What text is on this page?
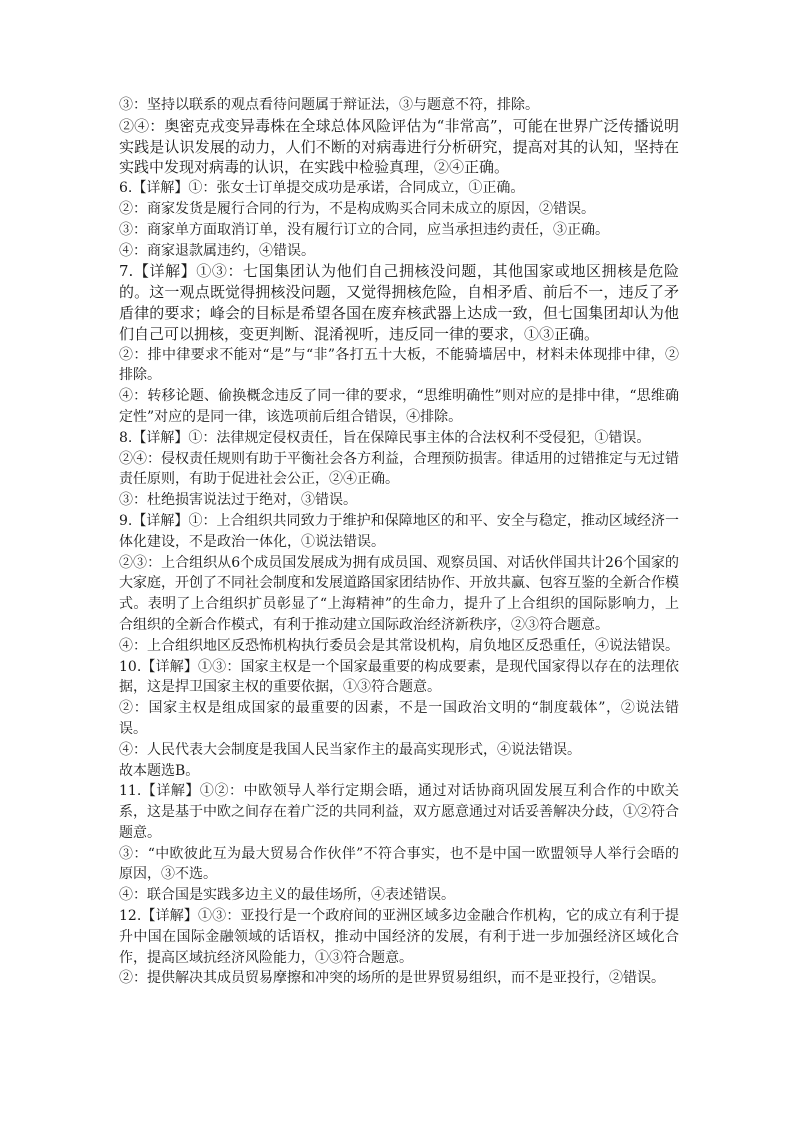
③：坚持以联系的观点看待问题属于辩证法，③与题意不符，排除。

②④：奥密克戎变异毒株在全球总体风险评估为“非常高”，可能在世界广泛传播说明实践是认识发展的动力，人们不断的对病毒进行分析研究，提高对其的认知，坚持在实践中发现对病毒的认识，在实践中检验真理，②④正确。

6.【详解】①：张女士订单提交成功是承诺，合同成立，①正确。

②：商家发货是履行合同的行为，不是构成购买合同未成立的原因，②错误。

③：商家单方面取消订单，没有履行订立的合同，应当承担违约责任，③正确。

④：商家退款属违约，④错误。

7.【详解】①③：七国集团认为他们自己拥核没问题，其他国家或地区拥核是危险的。这一观点既觉得拥核没问题，又觉得拥核危险，自相矛盾、前后不一，违反了矛盾律的要求；峰会的目标是希望各国在废弃核武器上达成一致，但七国集团却认为他们自己可以拥核，变更判断、混淆视听，违反同一律的要求，①③正确。

②：排中律要求不能对“是”与“非”各打五十大板，不能骑墙居中，材料未体现排中律，②排除。

④：转移论题、偷换概念违反了同一律的要求，“思维明确性”则对应的是排中律，“思维确定性”对应的是同一律，该选项前后组合错误，④排除。

8.【详解】①：法律规定侵权责任，旨在保障民事主体的合法权利不受侵犯，①错误。

②④：侵权责任规则有助于平衡社会各方利益，合理预防损害。律适用的过错推定与无过错责任原则，有助于促进社会公正，②④正确。

③：杜绝损害说法过于绝对，③错误。

9.【详解】①：上合组织共同致力于维护和保障地区的和平、安全与稳定，推动区域经济一体化建设，不是政治一体化，①说法错误。

②③：上合组织从6个成员国发展成为拥有成员国、观察员国、对话伙伴国共计26个国家的大家庭，开创了不同社会制度和发展道路国家团结协作、开放共赢、包容互鉴的全新合作模式。表明了上合组织扩员彰显了“上海精神”的生命力，提升了上合组织的国际影响力，上合组织的全新合作模式，有利于推动建立国际政治经济新秩序，②③符合题意。

④：上合组织地区反恐怖机构执行委员会是其常设机构，肩负地区反恐重任，④说法错误。

10.【详解】①③：国家主权是一个国家最重要的构成要素，是现代国家得以存在的法理依据，这是捍卫国家主权的重要依据，①③符合题意。

②：国家主权是组成国家的最重要的因素，不是一国政治文明的“制度载体”，②说法错误。

④：人民代表大会制度是我国人民当家作主的最高实现形式，④说法错误。

故本题选B。

11.【详解】①②：中欧领导人举行定期会晤，通过对话协商巩固发展互利合作的中欧关系，这是基于中欧之间存在着广泛的共同利益，双方愿意通过对话妥善解决分歧，①②符合题意。

③：“中欧彼此互为最大贸易合作伙伴”不符合事实，也不是中国一欧盟领导人举行会晤的原因，③不选。

④：联合国是实践多边主义的最佳场所，④表述错误。

12.【详解】①③：亚投行是一个政府间的亚洲区域多边金融合作机构，它的成立有利于提升中国在国际金融领域的话语权，推动中国经济的发展，有利于进一步加强经济区域化合作，提高区域抗经济风险能力，①③符合题意。

②：提供解决其成员贸易摩擦和冲突的场所的是世界贸易组织，而不是亚投行，②错误。
